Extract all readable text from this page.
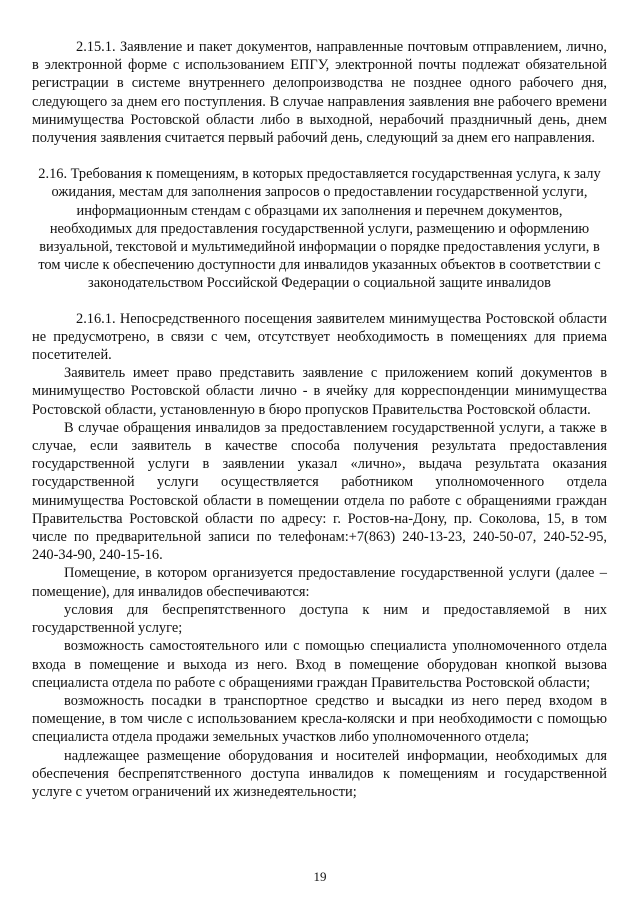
2.15.1. Заявление и пакет документов, направленные почтовым отправлением, лично, в электронной форме с использованием ЕПГУ, электронной почты подлежат обязательной регистрации в системе внутреннего делопроизводства не позднее одного рабочего дня, следующего за днем его поступления. В случае направления заявления вне рабочего времени минимущества Ростовской области либо в выходной, нерабочий праздничный день, днем получения заявления считается первый рабочий день, следующий за днем его направления.

2.16. Требования к помещениям, в которых предоставляется государственная услуга, к залу ожидания, местам для заполнения запросов о предоставлении государственной услуги, информационным стендам с образцами их заполнения и перечнем документов, необходимых для предоставления государственной услуги, размещению и оформлению визуальной, текстовой и мультимедийной информации о порядке предоставления услуги, в том числе к обеспечению доступности для инвалидов указанных объектов в соответствии с законодательством Российской Федерации о социальной защите инвалидов

2.16.1. Непосредственного посещения заявителем минимущества Ростовской области не предусмотрено, в связи с чем, отсутствует необходимость в помещениях для приема посетителей.

Заявитель имеет право представить заявление с приложением копий документов в минимущество Ростовской области лично - в ячейку для корреспонденции минимущества Ростовской области, установленную в бюро пропусков Правительства Ростовской области.

В случае обращения инвалидов за предоставлением государственной услуги, а также в случае, если заявитель в качестве способа получения результата предоставления государственной услуги в заявлении указал «лично», выдача результата оказания государственной услуги осуществляется работником уполномоченного отдела минимущества Ростовской области в помещении отдела по работе с обращениями граждан Правительства Ростовской области по адресу: г. Ростов-на-Дону, пр. Соколова, 15, в том числе по предварительной записи по телефонам:+7(863) 240-13-23, 240-50-07, 240-52-95, 240-34-90, 240-15-16.

Помещение, в котором организуется предоставление государственной услуги (далее – помещение), для инвалидов обеспечиваются:

условия для беспрепятственного доступа к ним и предоставляемой в них государственной услуге;

возможность самостоятельного или с помощью специалиста уполномоченного отдела входа в помещение и выхода из него. Вход в помещение оборудован кнопкой вызова специалиста отдела по работе с обращениями граждан Правительства Ростовской области;

возможность посадки в транспортное средство и высадки из него перед входом в помещение, в том числе с использованием кресла-коляски и при необходимости с помощью специалиста отдела продажи земельных участков либо уполномоченного отдела;

надлежащее размещение оборудования и носителей информации, необходимых для обеспечения беспрепятственного доступа инвалидов к помещениям и государственной услуге с учетом ограничений их жизнедеятельности;

19
